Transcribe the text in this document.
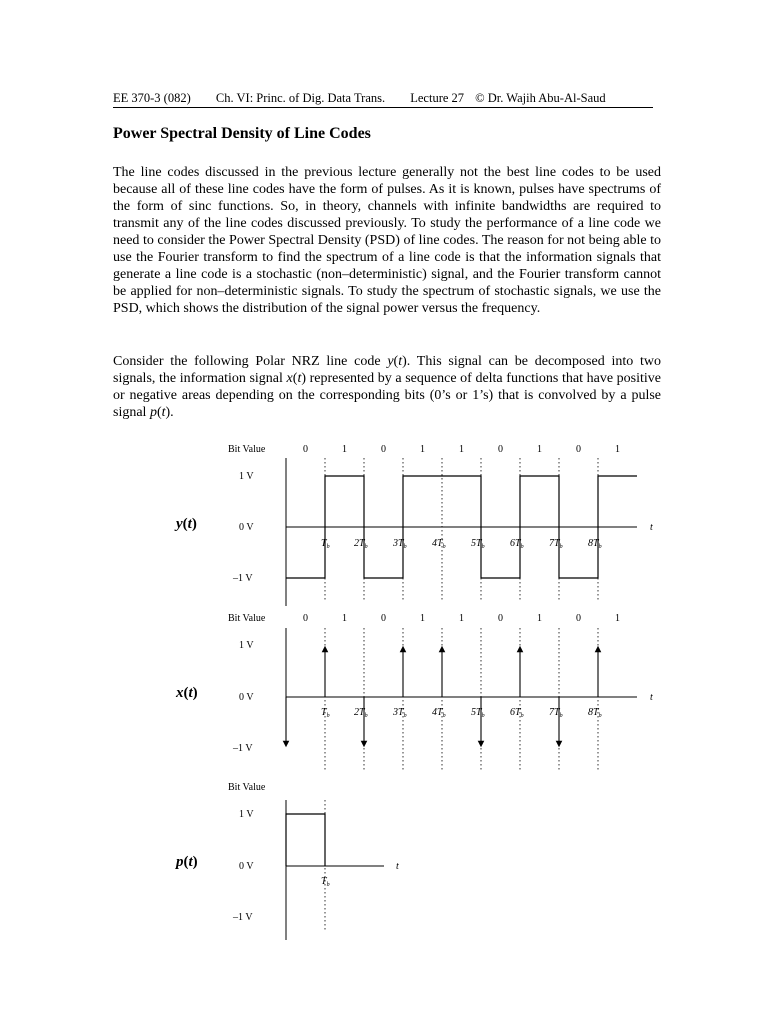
EE 370-3 (082) Ch. VI: Princ. of Dig. Data Trans. Lecture 27 © Dr. Wajih Abu-Al-Saud
Power Spectral Density of Line Codes

The line codes discussed in the previous lecture generally not the best line codes to be used because all of these line codes have the form of pulses. As it is known, pulses have spectrums of the form of sinc functions. So, in theory, channels with infinite bandwidths are required to transmit any of the line codes discussed previously. To study the performance of a line code we need to consider the Power Spectral Density (PSD) of line codes. The reason for not being able to use the Fourier transform to find the spectrum of a line code is that the information signals that generate a line code is a stochastic (non–deterministic) signal, and the Fourier transform cannot be applied for non–deterministic signals. To study the spectrum of stochastic signals, we use the PSD, which shows the distribution of the signal power versus the frequency.

Consider the following Polar NRZ line code y(t). This signal can be decomposed into two signals, the information signal x(t) represented by a sequence of delta functions that have positive or negative areas depending on the corresponding bits (0’s or 1’s) that is convolved by a pulse signal p(t).

Bit Value	0	1	0	1	1	0	1	0	1
1 V
0 V
–1 V
y(t)	t
$T_b$ $2T_b$	$3T_b$	$4T_b$	$5T_b$	$6T_b$	$7T_b$	$8T_b$
Bit Value	0	1	0	1	1	0	1	0	1
1 V
0 V
–1 V
x(t)	t
$T_b$ $2T_b$	$3T_b$	$4T_b$	$5T_b$	$6T_b$	$7T_b$	$8T_b$
Bit Value
1 V
0 V
–1 V
p(t)	t
$T_b$
